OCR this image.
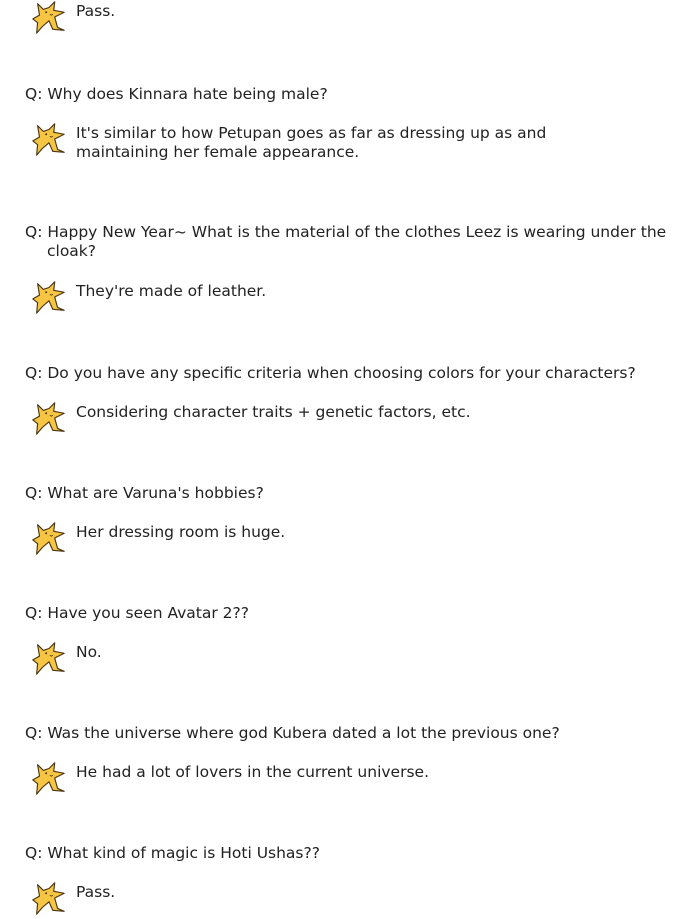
Pass.
Q: Why does Kinnara hate being male?
It's similar to how Petupan goes as far as dressing up as and maintaining her female appearance.
Q: Happy New Year~ What is the material of the clothes Leez is wearing under the cloak?
They're made of leather.
Q: Do you have any specific criteria when choosing colors for your characters?
Considering character traits + genetic factors, etc.
Q: What are Varuna's hobbies?
Her dressing room is huge.
Q: Have you seen Avatar 2??
No.
Q: Was the universe where god Kubera dated a lot the previous one?
He had a lot of lovers in the current universe.
Q: What kind of magic is Hoti Ushas??
Pass.
